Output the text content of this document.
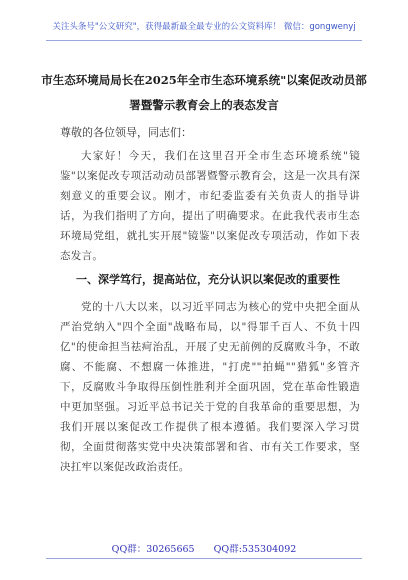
关注头条号"公文研究"，获得最新最全最专业的公文资料库！ 微信：gongwenyj
市生态环境局局长在2025年全市生态环境系统"以案促改动员部署暨警示教育会上的表态发言
尊敬的各位领导，同志们：
大家好！今天，我们在这里召开全市生态环境系统"镜鉴"以案促改专项活动动员部署暨警示教育会，这是一次具有深刻意义的重要会议。刚才，市纪委监委有关负责人的指导讲话，为我们指明了方向，提出了明确要求。在此我代表市生态环境局党组，就扎实开展"镜鉴"以案促改专项活动，作如下表态发言。
一、深学笃行，提高站位，充分认识以案促改的重要性
党的十八大以来，以习近平同志为核心的党中央把全面从严治党纳入"四个全面"战略布局，以"得罪千百人、不负十四亿"的使命担当祛疴治乱，开展了史无前例的反腐败斗争，不敢腐、不能腐、不想腐一体推进，"打虎""拍蝇""猎狐"多管齐下，反腐败斗争取得压倒性胜利并全面巩固，党在革命性锻造中更加坚强。习近平总书记关于党的自我革命的重要思想，为我们开展以案促改工作提供了根本遵循。我们要深入学习贯彻，全面贯彻落实党中央决策部署和省、市有关工作要求，坚决扛牢以案促改政治责任。
QQ群：30265665 QQ群:535304092
